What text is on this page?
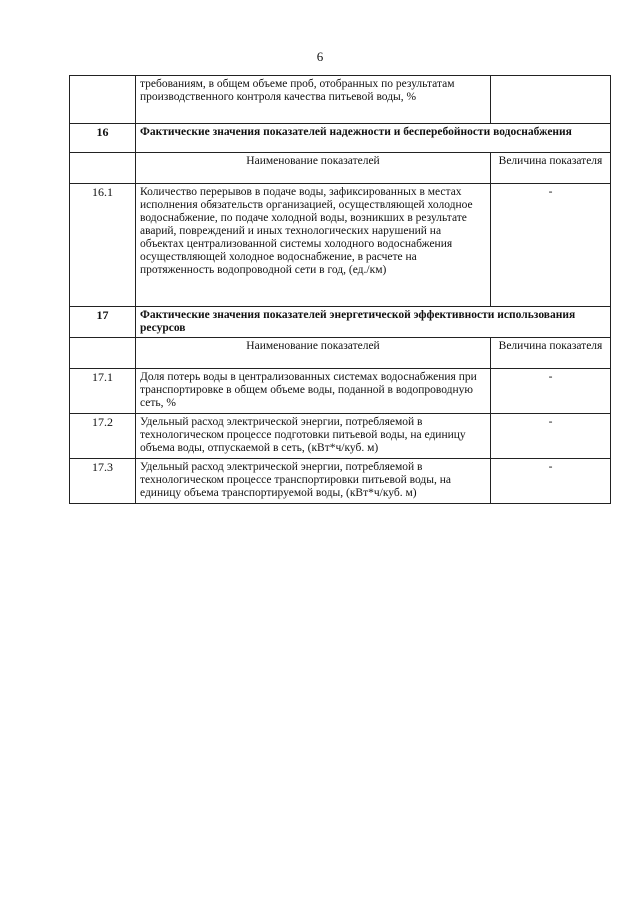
6
	требованиям, в общем объеме проб, отобранных по результатам производственного контроля качества питьевой воды, %	
16	Фактические значения показателей надежности и бесперебойности водоснабжения	
	Наименование показателей	Величина показателя
16.1	Количество перерывов в подаче воды, зафиксированных в местах исполнения обязательств организацией, осуществляющей холодное водоснабжение, по подаче холодной воды, возникших в результате аварий, повреждений и иных технологических нарушений на объектах централизованной системы холодного водоснабжения осуществляющей холодное водоснабжение, в расчете на протяженность водопроводной сети в год, (ед./км)	-
17	Фактические значения показателей энергетической эффективности использования ресурсов	
	Наименование показателей	Величина показателя
17.1	Доля потерь воды в централизованных системах водоснабжения при транспортировке в общем объеме воды, поданной в водопроводную сеть, %	-
17.2	Удельный расход электрической энергии, потребляемой в технологическом процессе подготовки питьевой воды, на единицу объема воды, отпускаемой в сеть, (кВт*ч/куб. м)	-
17.3	Удельный расход электрической энергии, потребляемой в технологическом процессе транспортировки питьевой воды, на единицу объема транспортируемой воды, (кВт*ч/куб. м)	-
